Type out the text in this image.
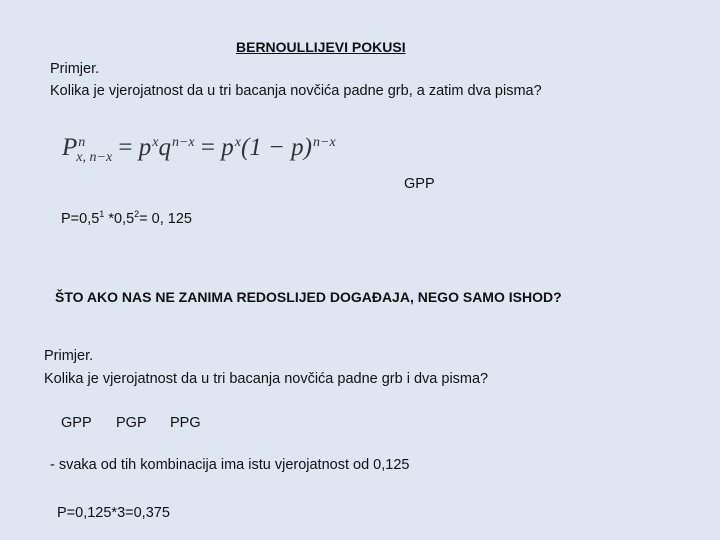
BERNOULLIJEVI POKUSI
Primjer.
Kolika je vjerojatnost da u tri bacanja novčića padne grb, a zatim dva pisma?
$P^n_{x, n-x} = p^xq^{n-x} = p^x(1 - p)^{n-x}$
GPP
$P=0,5^1$ $*0,5^2= 0$, 125
ŠTO AKO NAS NE ZANIMA REDOSLIJED DOGAĐAJA, NEGO SAMO ISHOD?
Primjer.
Kolika je vjerojatnost da u tri bacanja novčića padne grb i dva pisma?
GPP PGP PPG
- svaka od tih kombinacija ima istu vjerojatnost od 0,125
P=0,125*3=0,375
